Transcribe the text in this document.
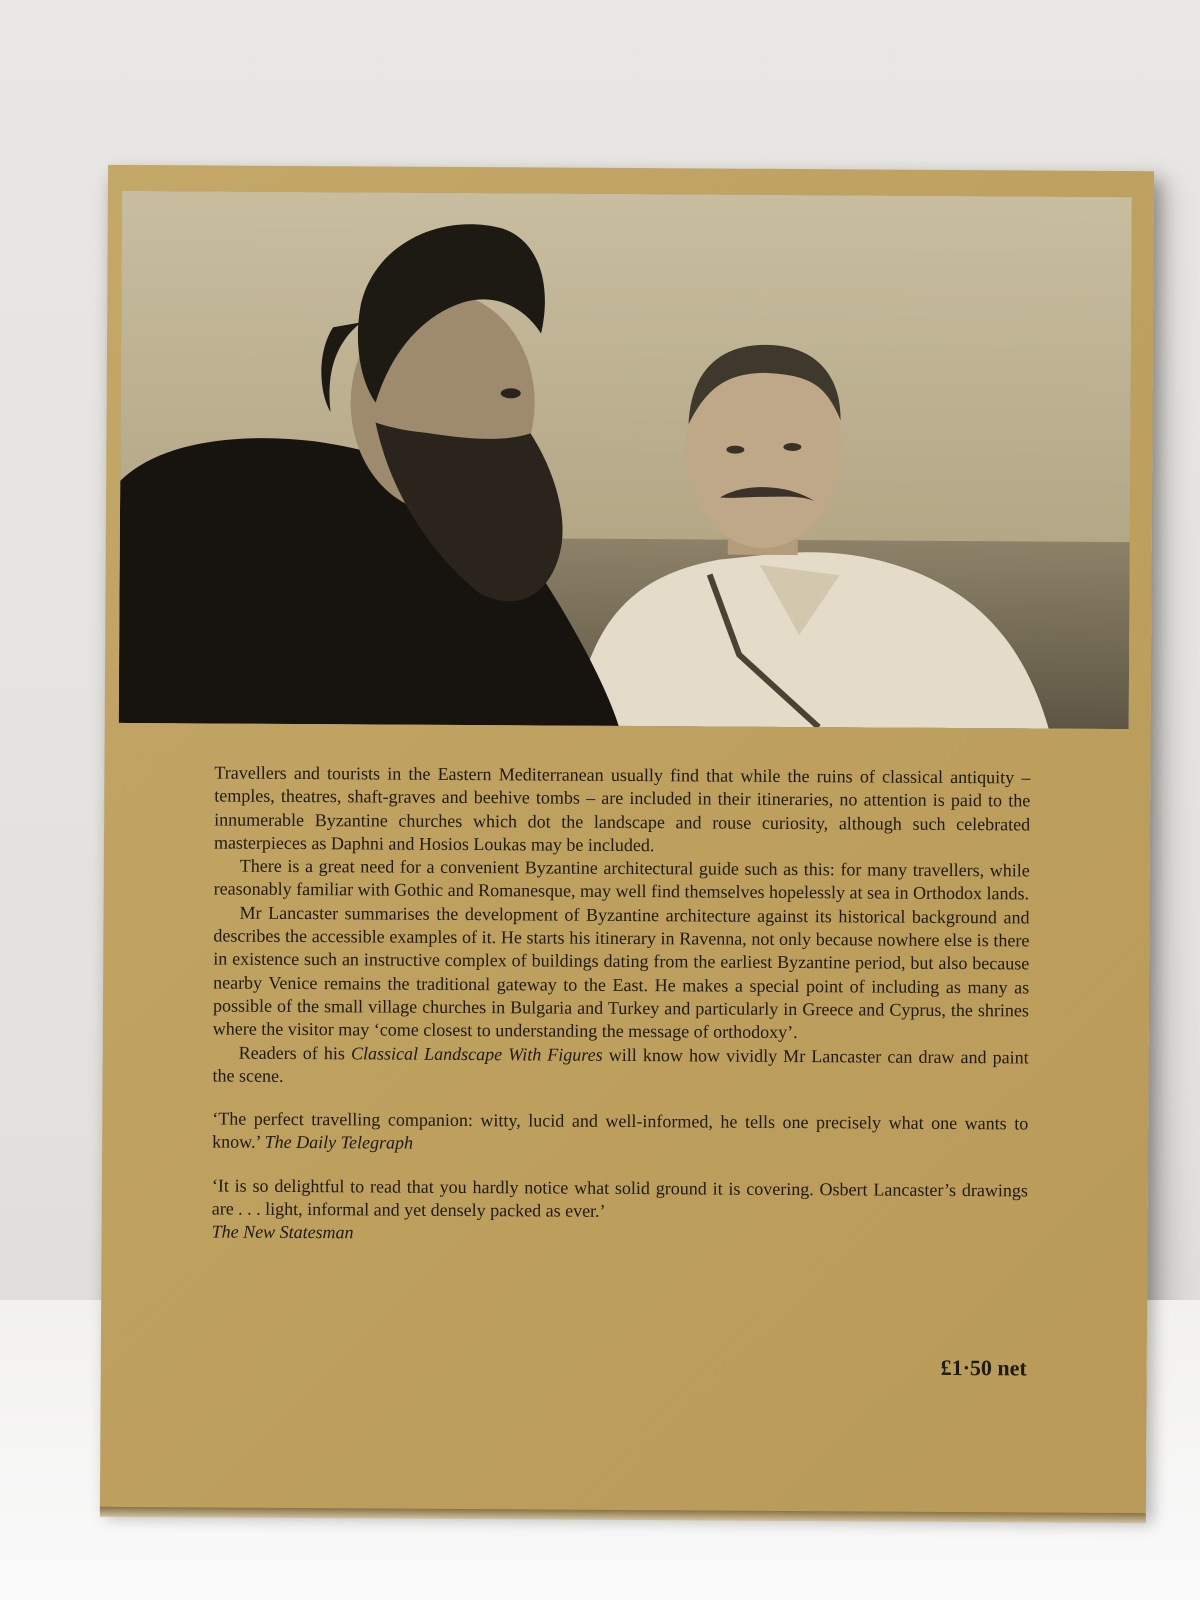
Travellers and tourists in the Eastern Mediterranean usually find that while the ruins of classical antiquity – temples, theatres, shaft-graves and beehive tombs – are included in their itineraries, no attention is paid to the innumerable Byzantine churches which dot the landscape and rouse curiosity, although such celebrated masterpieces as Daphni and Hosios Loukas may be included.

There is a great need for a convenient Byzantine architectural guide such as this: for many travellers, while reasonably familiar with Gothic and Romanesque, may well find themselves hopelessly at sea in Orthodox lands.

Mr Lancaster summarises the development of Byzantine architecture against its historical background and describes the accessible examples of it. He starts his itinerary in Ravenna, not only because nowhere else is there in existence such an instructive complex of buildings dating from the earliest Byzantine period, but also because nearby Venice remains the traditional gateway to the East. He makes a special point of including as many as possible of the small village churches in Bulgaria and Turkey and particularly in Greece and Cyprus, the shrines where the visitor may ‘come closest to understanding the message of orthodoxy’.

Readers of his Classical Landscape With Figures will know how vividly Mr Lancaster can draw and paint the scene.

‘The perfect travelling companion: witty, lucid and well-informed, he tells one precisely what one wants to know.’ The Daily Telegraph

‘It is so delightful to read that you hardly notice what solid ground it is covering. Osbert Lancaster’s drawings are . . . light, informal and yet densely packed as ever.’
The New Statesman

£1·50 net
